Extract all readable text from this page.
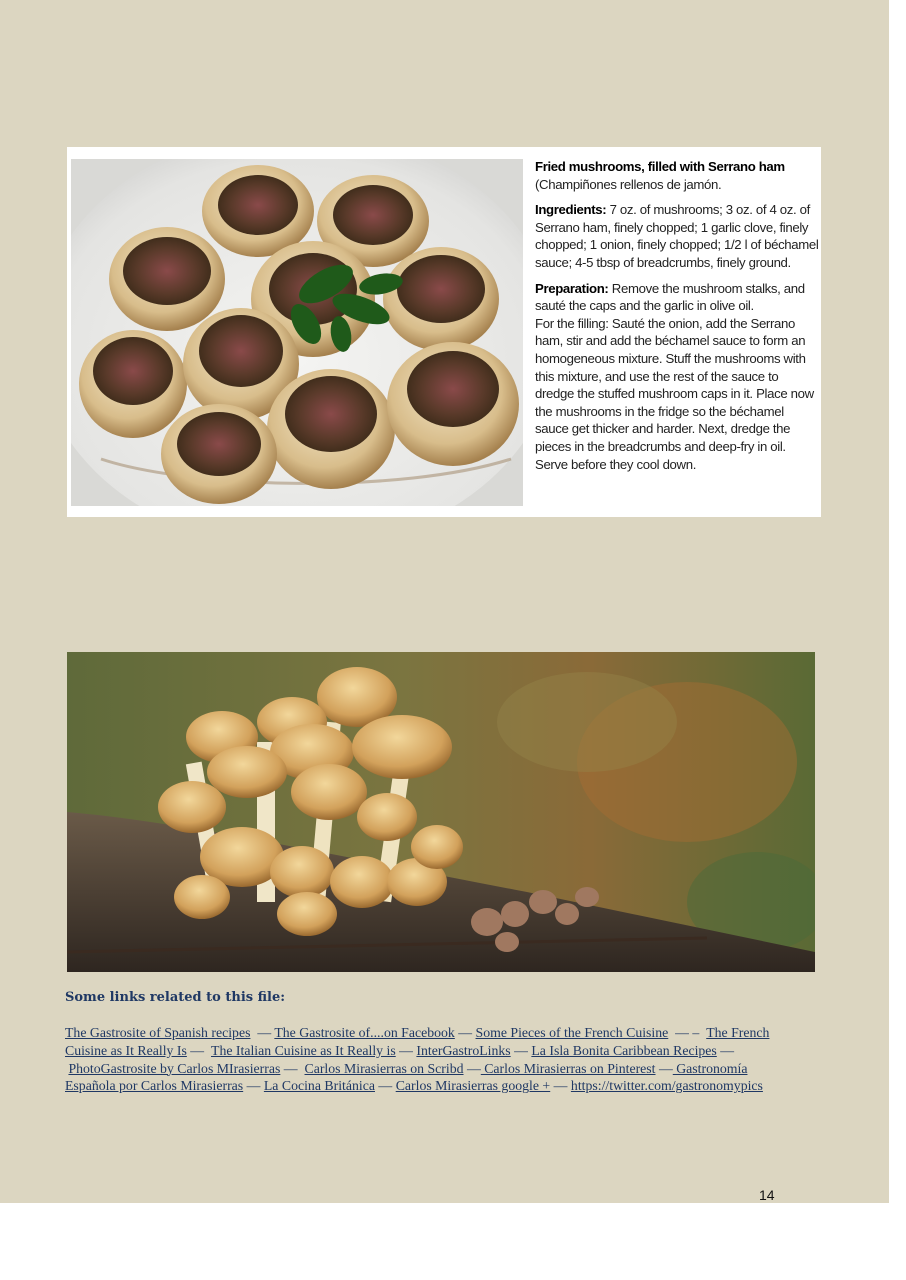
Fried mushrooms, filled with Serrano ham

(Champiñones rellenos de jamón.

Ingredients: 7 oz. of mushrooms; 3 oz. of 4 oz. of Serrano ham, finely chopped; 1 garlic clove, finely chopped; 1 onion, finely chopped; 1/2 l of béchamel sauce; 4-5 tbsp of breadcrumbs, finely ground.

Preparation: Remove the mushroom stalks, and sauté the caps and the garlic in olive oil.

For the filling: Sauté the onion, add the Serrano ham, stir and add the béchamel sauce to form an homogeneous mixture. Stuff the mushrooms with this mixture, and use the rest of the sauce to dredge the stuffed mushroom caps in it. Place now the mushrooms in the fridge so the béchamel sauce get thicker and harder. Next, dredge the pieces in the breadcrumbs and deep-fry in oil. Serve before they cool down.

Some links related to this file:
The Gastrosite of Spanish recipes  — The Gastrosite of....on Facebook — Some Pieces of the French Cuisine  — –  The French Cuisine as It Really Is —  The Italian Cuisine as It Really is — InterGastroLinks — La Isla Bonita Caribbean Recipes —  PhotoGastrosite by Carlos MIrasierras —  Carlos Mirasierras on Scribd — Carlos Mirasierras on Pinterest — Gastronomía Española por Carlos Mirasierras — La Cocina Británica — Carlos Mirasierras google + — https://twitter.com/gastronomypics
14
